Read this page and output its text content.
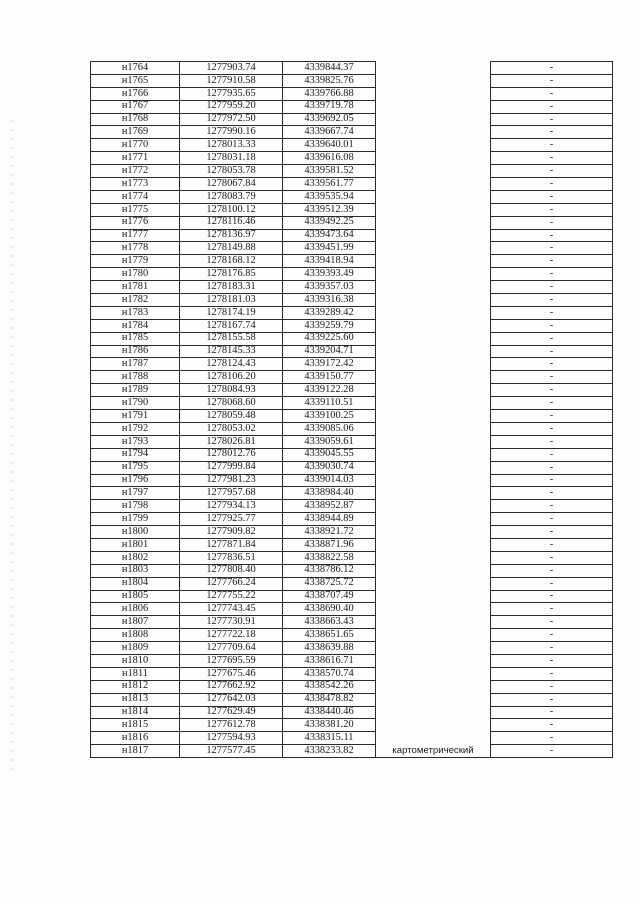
н1764	1277903.74	4339844.37		-
н1765	1277910.58	4339825.76		-
н1766	1277935.65	4339766.88		-
н1767	1277959.20	4339719.78		-
н1768	1277972.50	4339692.05		-
н1769	1277990.16	4339667.74		-
н1770	1278013.33	4339640.01		-
н1771	1278031.18	4339616.08		-
н1772	1278053.78	4339581.52		-
н1773	1278067.84	4339561.77		-
н1774	1278083.79	4339535.94		-
н1775	1278100.12	4339512.39		-
н1776	1278116.46	4339492.25		-
н1777	1278136.97	4339473.64		-
н1778	1278149.88	4339451.99		-
н1779	1278168.12	4339418.94		-
н1780	1278176.85	4339393.49		-
н1781	1278183.31	4339357.03		-
н1782	1278181.03	4339316.38		-
н1783	1278174.19	4339289.42		-
н1784	1278167.74	4339259.79		-
н1785	1278155.58	4339225.60		-
н1786	1278145.33	4339204.71		-
н1787	1278124.43	4339172.42		-
н1788	1278106.20	4339150.77		-
н1789	1278084.93	4339122.28		-
н1790	1278068.60	4339110.51		-
н1791	1278059.48	4339100.25		-
н1792	1278053.02	4339085.06		-
н1793	1278026.81	4339059.61		-
н1794	1278012.76	4339045.55		-
н1795	1277999.84	4339030.74		-
н1796	1277981.23	4339014.03		-
н1797	1277957.68	4338984.40		-
н1798	1277934.13	4338952.87		-
н1799	1277925.77	4338944.89		-
н1800	1277909.82	4338921.72		-
н1801	1277871.84	4338871.96		-
н1802	1277836.51	4338822.58		-
н1803	1277808.40	4338786.12		-
н1804	1277766.24	4338725.72		-
н1805	1277755.22	4338707.49		-
н1806	1277743.45	4338690.40		-
н1807	1277730.91	4338663.43		-
н1808	1277722.18	4338651.65		-
н1809	1277709.64	4338639.88		-
н1810	1277695.59	4338616.71		-
н1811	1277675.46	4338570.74		-
н1812	1277662.92	4338542.26		-
н1813	1277642.03	4338478.82		-
н1814	1277629.49	4338440.46		-
н1815	1277612.78	4338381.20		-
н1816	1277594.93	4338315.11		-
н1817	1277577.45	4338233.82	картометрический	-
